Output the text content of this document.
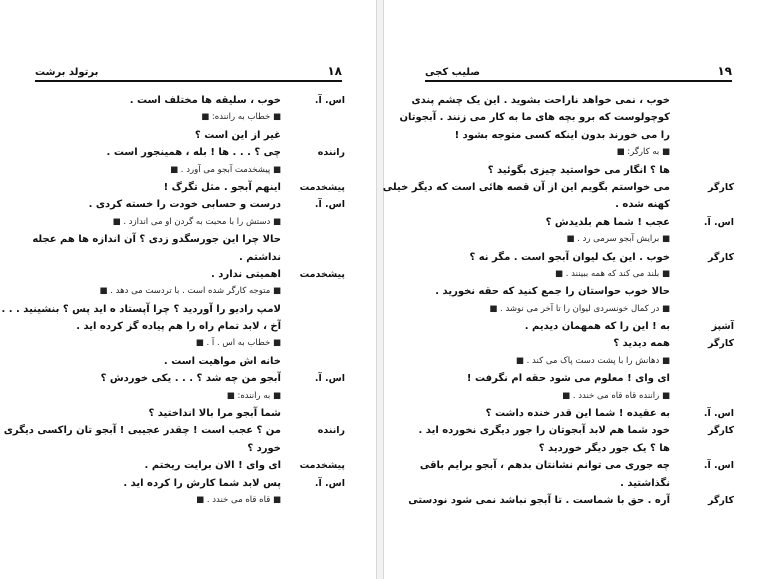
۱۸
برتولد برشت
اس. آ.
خوب ، سلیقه ها مختلف است .
■ خطاب به راننده: ■
غیر از این است ؟
راننده
چی ؟ . . . ها ! بله ، همینجور است .
■ پیشخدمت آبجو می آورد . ■
پیشخدمت
اینهم آبجو . مثل تگرگ !
اس. آ.
درست و حسابی خودت را خسته کردی .
■ دستش را با محبت به گردن او می اندازد . ■
حالا چرا این جورسگدو زدی ؟ آن اندازه ها هم عجله
نداشتم .
پیشخدمت
اهمیتی ندارد .
■ متوجه کارگر شده است . با تردست می دهد . ■
لامپ رادیو را آوردید ؟ چرا آپستاد ه اید پس ؟ بنشینید . . .
آخ ، لابد تمام راه را هم پیاده گز کرده اید .
■ خطاب به اس . آ . ■
خانه اش مواهیت است .
اس. آ.
آبجو من چه شد ؟ . . . یکی خوردش ؟
■ به راننده: ■
شما آبجو مرا بالا انداختید ؟
راننده
من ؟ عجب است ! چقدر عجیبی ! آبجو تان راکسی دیگری
خورد ؟
پیشخدمت
ای وای ! الان برایت ریختم .
اس. آ.
پس لابد شما کارش را کرده اید .
■ قاه قاه می خندد . ■
۱۹
صلیب کجی
خوب ، نمی خواهد ناراحت بشوید . این یک چشم پندی
کوچولوست که برو بچه های ما به کار می زنند . آبجوتان
را می خورند بدون اینکه کسی متوجه بشود !
■ به کارگر: ■
ها ؟ انگار می خواستید چیزی بگوئید ؟
کارگر
می خواستم بگویم این از آن قصه هائی است که دیگر خیلی
کهنه شده .
اس. آ.
عجب ! شما هم بلدیدش ؟
■ برایش آبجو سرمی رد . ■
کارگر
خوب . این یک لیوان آبجو است . مگر نه ؟
■ بلند می کند که همه ببینند . ■
حالا خوب حواستان را جمع کنید که حقه نخورید .
■ در کمال خونسردی لیوان را تا آخر می نوشد . ■
آشپز
به ! این را که همهمان دیدیم .
کارگر
همه دیدید ؟
■ دهانش را با پشت دست پاک می کند . ■
ای وای ! معلوم می شود حقه ام نگرفت !
■ راننده قاه قاه می خندد . ■
اس. آ.
به عقیده ! شما این قدر خنده داشت ؟
کارگر
خود شما هم لابد آبجوتان را جور دیگری نخورده اید .
ها ؟ یک جور دیگر خوردید ؟
اس. آ.
چه جوری می توانم نشانتان بدهم ، آبجو برایم باقی
نگذاشتید .
کارگر
آره . حق با شماست . تا آبجو نباشد نمی شود نودستی
